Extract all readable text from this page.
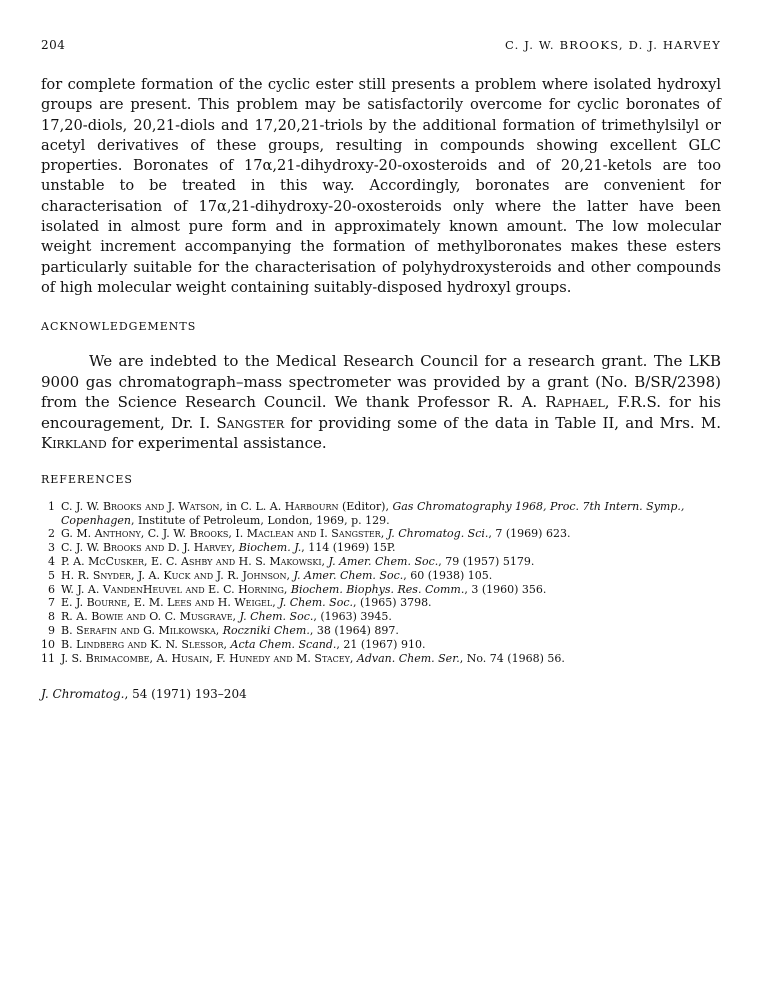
204	C. J. W. BROOKS, D. J. HARVEY

for complete formation of the cyclic ester still presents a problem where isolated hydroxyl groups are present. This problem may be satisfactorily overcome for cyclic boronates of 17,20-diols, 20,21-diols and 17,20,21-triols by the additional formation of trimethylsilyl or acetyl derivatives of these groups, resulting in compounds showing excellent GLC properties. Boronates of 17α,21-dihydroxy-20-oxosteroids and of 20,21-ketols are too unstable to be treated in this way. Accordingly, boronates are convenient for characterisation of 17α,21-dihydroxy-20-oxosteroids only where the latter have been isolated in almost pure form and in approximately known amount. The low molecular weight increment accompanying the formation of methylboronates makes these esters particularly suitable for the characterisation of polyhydroxysteroids and other compounds of high molecular weight containing suitably-disposed hydroxyl groups.

ACKNOWLEDGEMENTS

We are indebted to the Medical Research Council for a research grant. The LKB 9000 gas chromatograph–mass spectrometer was provided by a grant (No. B/SR/2398) from the Science Research Council. We thank Professor R. A. Raphael, F.R.S. for his encouragement, Dr. I. Sangster for providing some of the data in Table II, and Mrs. M. Kirkland for experimental assistance.

REFERENCES
1 C. J. W. Brooks and J. Watson, in C. L. A. Harbourn (Editor), Gas Chromatography 1968, Proc. 7th Intern. Symp., Copenhagen, Institute of Petroleum, London, 1969, p. 129.
2 G. M. Anthony, C. J. W. Brooks, I. Maclean and I. Sangster, J. Chromatog. Sci., 7 (1969) 623.
3 C. J. W. Brooks and D. J. Harvey, Biochem. J., 114 (1969) 15P.
4 P. A. McCusker, E. C. Ashby and H. S. Makowski, J. Amer. Chem. Soc., 79 (1957) 5179.
5 H. R. Snyder, J. A. Kuck and J. R. Johnson, J. Amer. Chem. Soc., 60 (1938) 105.
6 W. J. A. VandenHeuvel and E. C. Horning, Biochem. Biophys. Res. Comm., 3 (1960) 356.
7 E. J. Bourne, E. M. Lees and H. Weigel, J. Chem. Soc., (1965) 3798.
8 R. A. Bowie and O. C. Musgrave, J. Chem. Soc., (1963) 3945.
9 B. Serafin and G. Milkowska, Roczniki Chem., 38 (1964) 897.
10 B. Lindberg and K. N. Slessor, Acta Chem. Scand., 21 (1967) 910.
11 J. S. Brimacombe, A. Husain, F. Hunedy and M. Stacey, Advan. Chem. Ser., No. 74 (1968) 56.
J. Chromatog., 54 (1971) 193–204
